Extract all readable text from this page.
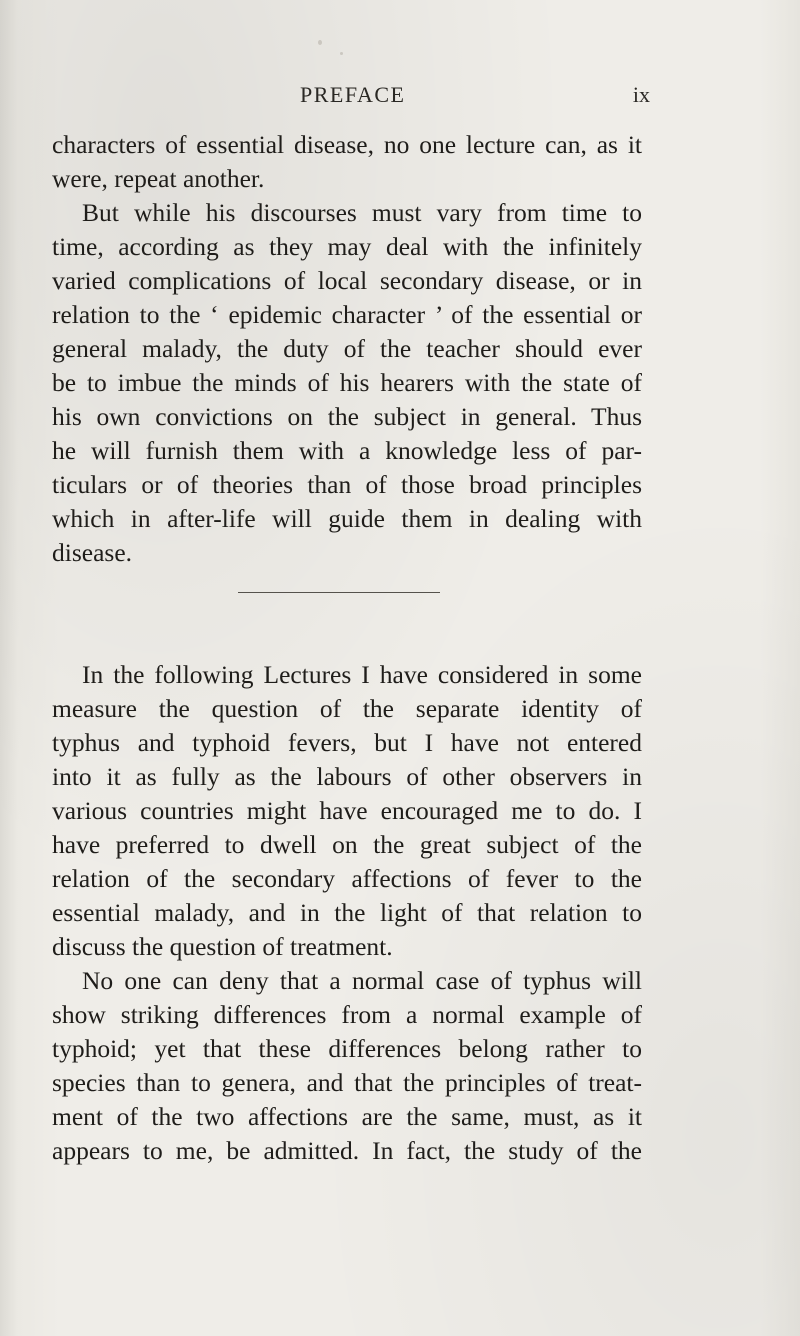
PREFACE	ix
characters of essential disease, no one lecture can, as it
were, repeat another.
But while his discourses must vary from time to
time, according as they may deal with the infinitely
varied complications of local secondary disease, or in
relation to the ‘ epidemic character ’ of the essential or
general malady, the duty of the teacher should ever
be to imbue the minds of his hearers with the state of
his own convictions on the subject in general. Thus
he will furnish them with a knowledge less of par-
ticulars or of theories than of those broad principles
which in after-life will guide them in dealing with
disease.
In the following Lectures I have considered in some
measure the question of the separate identity of
typhus and typhoid fevers, but I have not entered
into it as fully as the labours of other observers in
various countries might have encouraged me to do. I
have preferred to dwell on the great subject of the
relation of the secondary affections of fever to the
essential malady, and in the light of that relation to
discuss the question of treatment.
No one can deny that a normal case of typhus will
show striking differences from a normal example of
typhoid; yet that these differences belong rather to
species than to genera, and that the principles of treat-
ment of the two affections are the same, must, as it
appears to me, be admitted. In fact, the study of the
